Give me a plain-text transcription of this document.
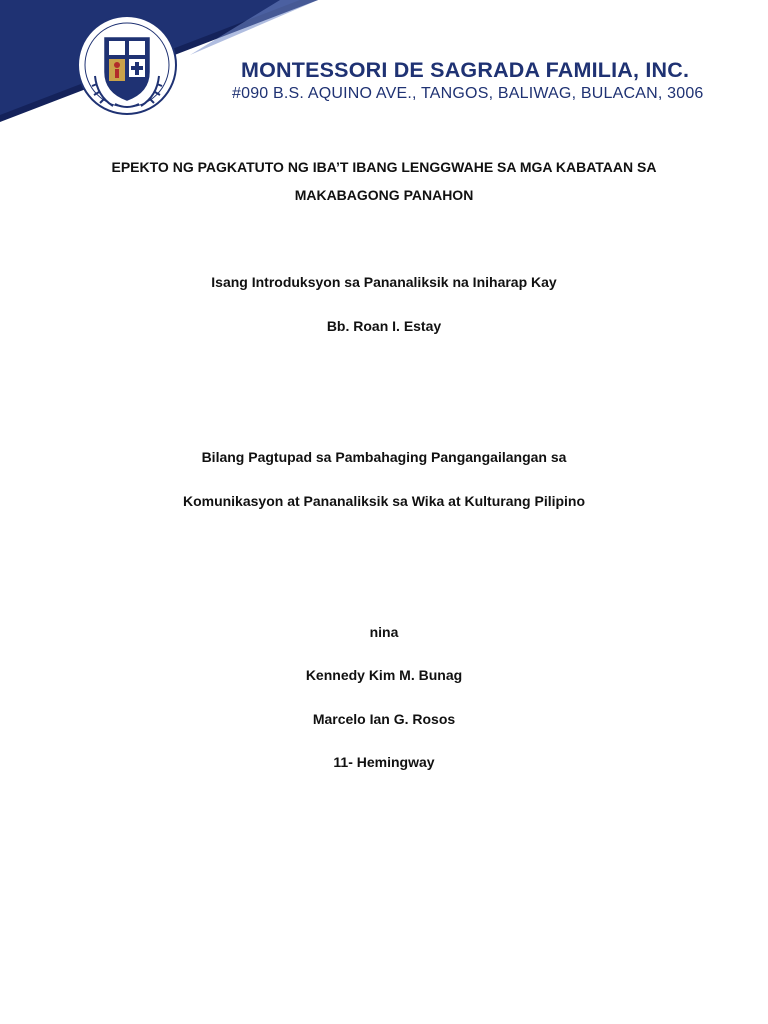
MONTESSORI DE SAGRADA FAMILIA, INC.
#090 B.S. AQUINO AVE., TANGOS, BALIWAG, BULACAN, 3006
EPEKTO NG PAGKATUTO NG IBA’T IBANG LENGGWAHE SA MGA KABATAAN SA
MAKABAGONG PANAHON
Isang Introduksyon sa Pananaliksik na Iniharap Kay
Bb. Roan I. Estay
Bilang Pagtupad sa Pambahaging Pangangailangan sa
Komunikasyon at Pananaliksik sa Wika at Kulturang Pilipino
nina
Kennedy Kim M. Bunag
Marcelo Ian G. Rosos
11- Hemingway
